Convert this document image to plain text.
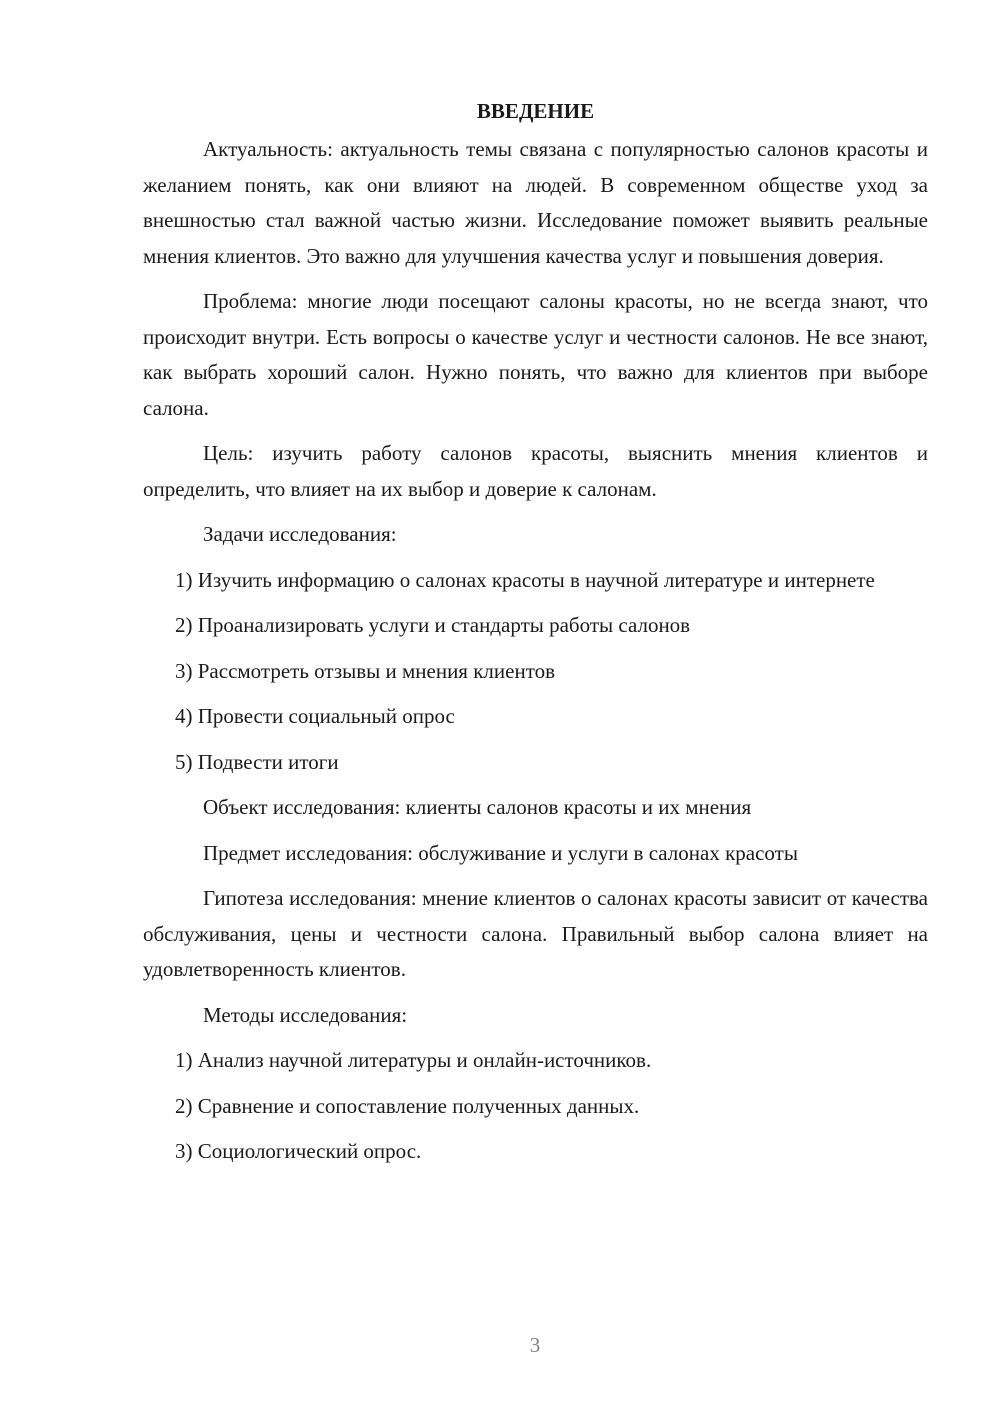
ВВЕДЕНИЕ

Актуальность: актуальность темы связана с популярностью салонов красоты и желанием понять, как они влияют на людей. В современном обществе уход за внешностью стал важной частью жизни. Исследование поможет выявить реальные мнения клиентов. Это важно для улучшения качества услуг и повышения доверия.

Проблема: многие люди посещают салоны красоты, но не всегда знают, что происходит внутри. Есть вопросы о качестве услуг и честности салонов. Не все знают, как выбрать хороший салон. Нужно понять, что важно для клиентов при выборе салона.

Цель: изучить работу салонов красоты, выяснить мнения клиентов и определить, что влияет на их выбор и доверие к салонам.

Задачи исследования:

1) Изучить информацию о салонах красоты в научной литературе и интернете

2) Проанализировать услуги и стандарты работы салонов

3) Рассмотреть отзывы и мнения клиентов

4) Провести социальный опрос

5) Подвести итоги

Объект исследования: клиенты салонов красоты и их мнения

Предмет исследования: обслуживание и услуги в салонах красоты

Гипотеза исследования: мнение клиентов о салонах красоты зависит от качества обслуживания, цены и честности салона. Правильный выбор салона влияет на удовлетворенность клиентов.

Методы исследования:

1) Анализ научной литературы и онлайн-источников.

2) Сравнение и сопоставление полученных данных.

3) Социологический опрос.

3
